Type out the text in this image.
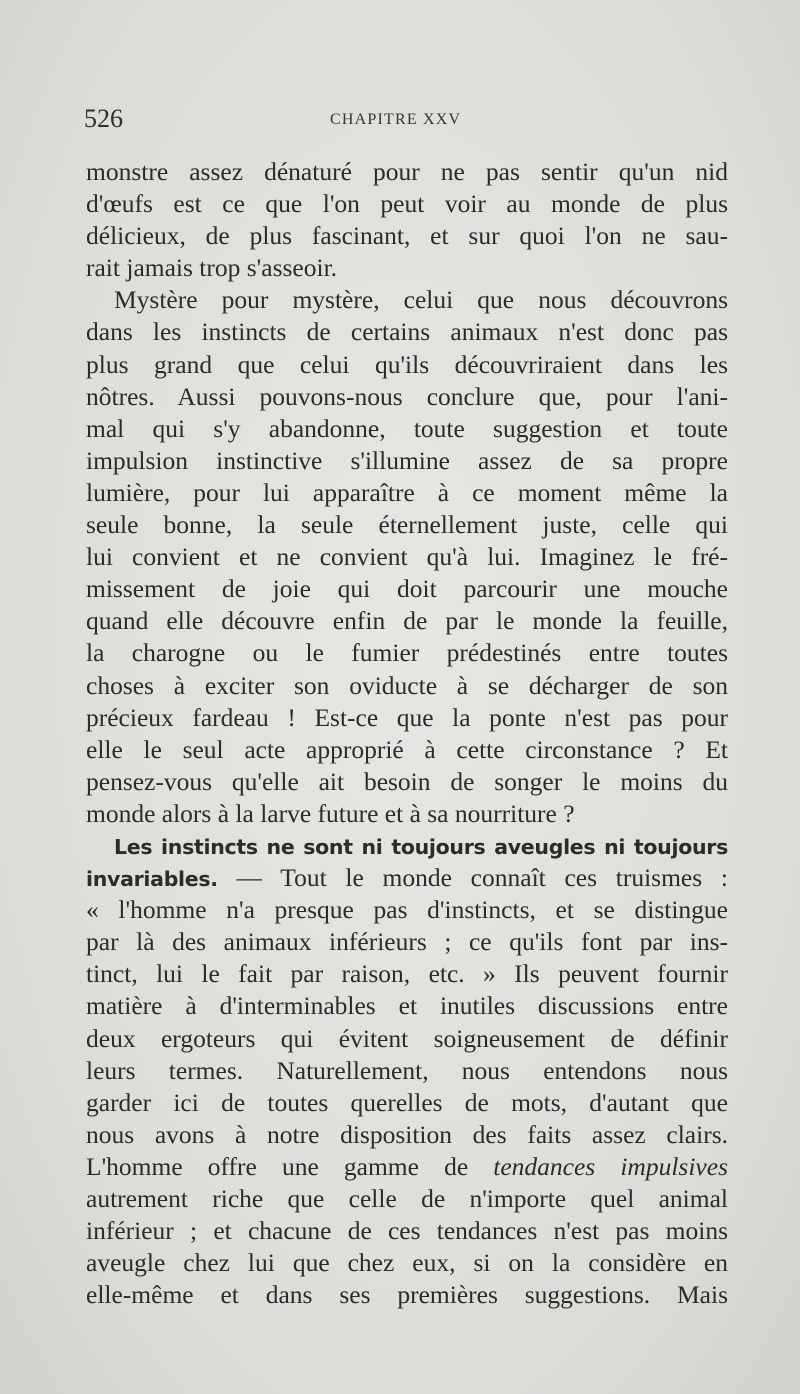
526	CHAPITRE XXV
monstre assez dénaturé pour ne pas sentir qu'un nid
d'œufs est ce que l'on peut voir au monde de plus
délicieux, de plus fascinant, et sur quoi l'on ne sau-
rait jamais trop s'asseoir.
Mystère pour mystère, celui que nous découvrons
dans les instincts de certains animaux n'est donc pas
plus grand que celui qu'ils découvriraient dans les
nôtres. Aussi pouvons-nous conclure que, pour l'ani-
mal qui s'y abandonne, toute suggestion et toute
impulsion instinctive s'illumine assez de sa propre
lumière, pour lui apparaître à ce moment même la
seule bonne, la seule éternellement juste, celle qui
lui convient et ne convient qu'à lui. Imaginez le fré-
missement de joie qui doit parcourir une mouche
quand elle découvre enfin de par le monde la feuille,
la charogne ou le fumier prédestinés entre toutes
choses à exciter son oviducte à se décharger de son
précieux fardeau ! Est-ce que la ponte n'est pas pour
elle le seul acte approprié à cette circonstance ? Et
pensez-vous qu'elle ait besoin de songer le moins du
monde alors à la larve future et à sa nourriture ?
Les instincts ne sont ni toujours aveugles ni toujours
invariables. — Tout le monde connaît ces truismes :
« l'homme n'a presque pas d'instincts, et se distingue
par là des animaux inférieurs ; ce qu'ils font par ins-
tinct, lui le fait par raison, etc. » Ils peuvent fournir
matière à d'interminables et inutiles discussions entre
deux ergoteurs qui évitent soigneusement de définir
leurs termes. Naturellement, nous entendons nous
garder ici de toutes querelles de mots, d'autant que
nous avons à notre disposition des faits assez clairs.
L'homme offre une gamme de tendances impulsives
autrement riche que celle de n'importe quel animal
inférieur ; et chacune de ces tendances n'est pas moins
aveugle chez lui que chez eux, si on la considère en
elle-même et dans ses premières suggestions. Mais
